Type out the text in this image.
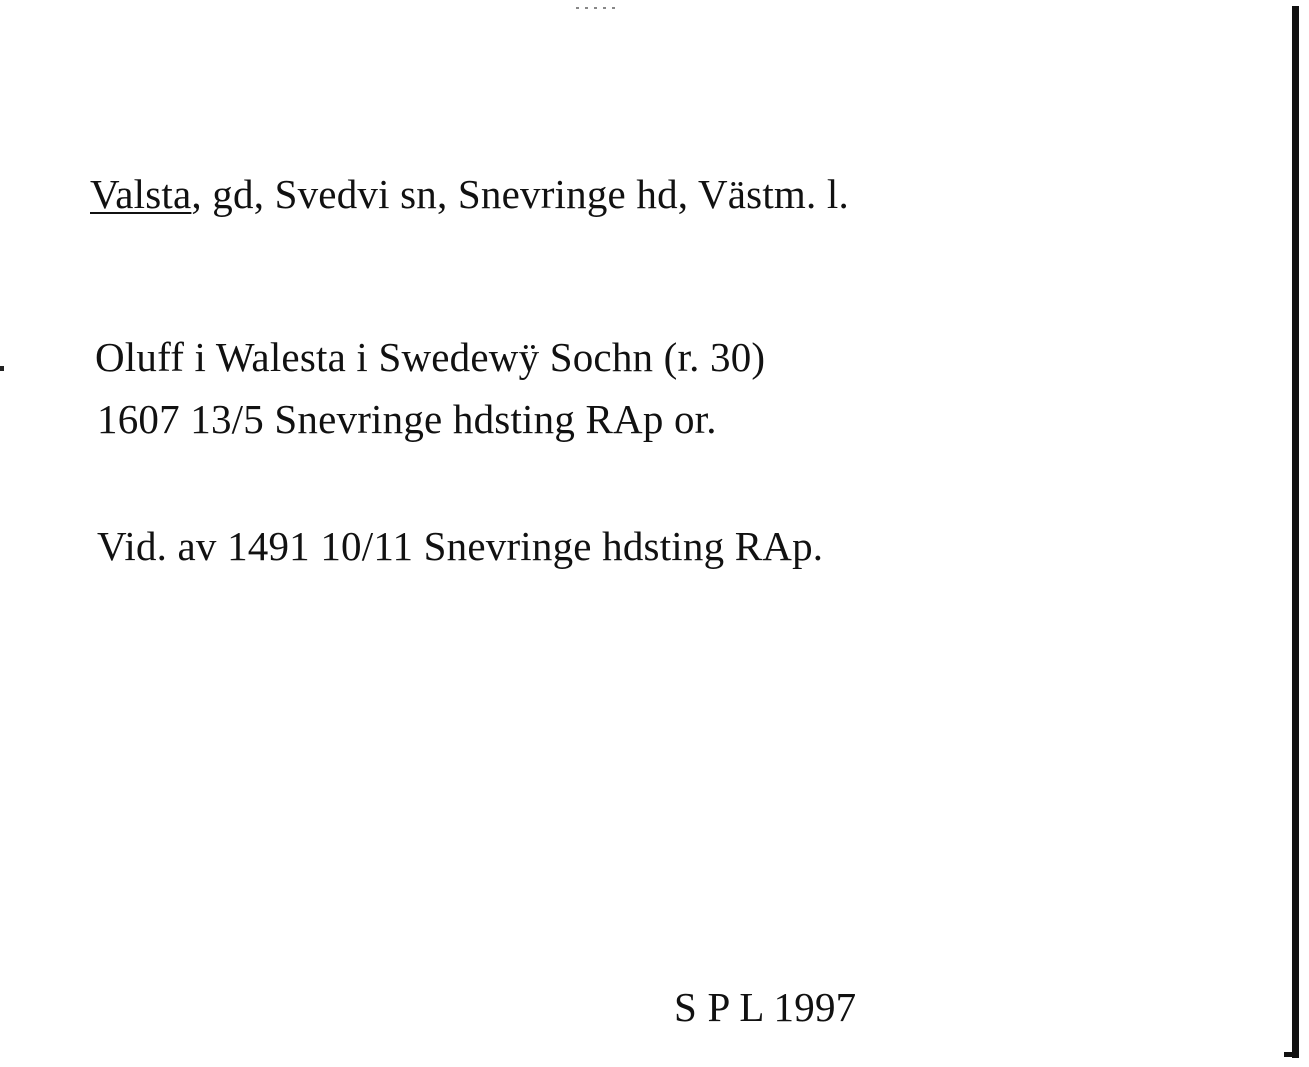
Valsta, gd, Svedvi sn, Snevringe hd, Västm. l.
Oluff i Walesta i Swedewÿ Sochn (r. 30)
1607 13/5 Snevringe hdsting RAp or.
Vid. av 1491 10/11 Snevringe hdsting RAp.
S P L 1997
